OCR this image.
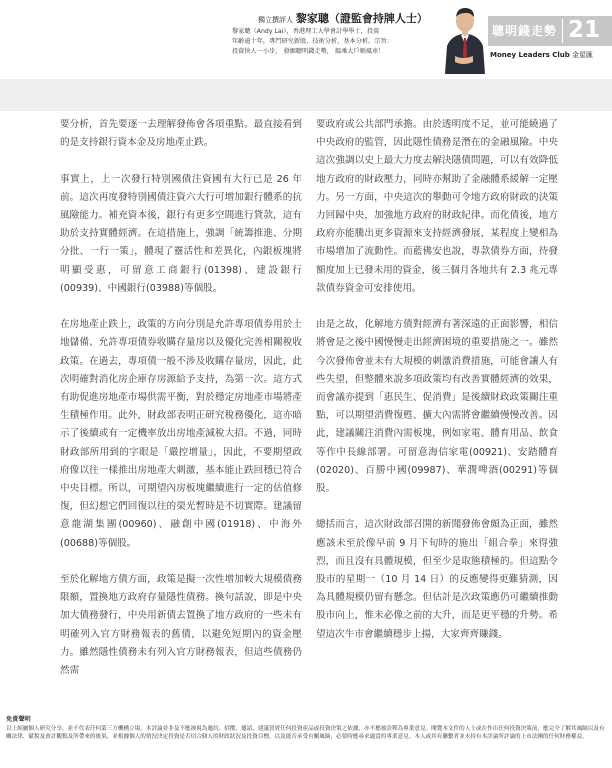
獨立撰評人 黎家聰（證監會持牌人士）
黎家聰（Andy Lai），香港理工大學會計學學士，投資
年齡逾十年，專門研究新股，技術分析，基本分析。宗旨：
投資快人一小步， 發掘聰明錢走勢， 搵乘大戶順風車！
聰明錢走勢 21
Money Leaders Club 金星匯

要分析，首先要逐一去理解發佈會各項重點。最直接看到的是支持銀行資本金及房地產止跌。

事實上，上一次發行特別國債注資國有大行已是 26 年前。這次再度發特別國債注資六大行可增加銀行體系的抗風險能力。補充資本後，銀行有更多空間進行貸款，這有助於支持實體經濟。在這措施上，強調「統籌推進、分期分批、一行一策」，體現了靈活性和差異化，內銀板塊將明顯受惠，可留意工商銀行(01398)、建設銀行(00939)、中國銀行(03988)等個股。

在房地產止跌上，政策的方向分別是允許專項債券用於土地儲備、允許專項債券收購存量房以及優化完善相關稅收政策。在過去，專項債一般不涉及收購存量房，因此，此次明確對消化房企庫存房源給予支持，為第一次。這方式有助促進房地產市場供需平衡，對於穩定房地產市場將產生積極作用。此外，財政部表明正研究稅務優化，這亦暗示了後續或有一定機率放出房地產減稅大招。不過，同時財政部所用到的字眼是「嚴控增量」，因此，不要期望政府像以往一樣推出房地產大刺激，基本能止跌回穩已符合中央目標。所以，可期望內房板塊繼續進行一定的估值修復，但幻想它們回復以往的榮光暫時是不切實際。建議留意龍湖集團(00960)、融創中國(01918)、中海外(00688)等個股。

至於化解地方債方面，政策是擬一次性增加較大規模債務限額，置換地方政府存量隱性債務。換句話說，即是中央加大債務發行，中央用新債去置換了地方政府的一些未有明確列入官方財務報表的舊債，以避免短期內的資金壓力。雖然隱性債務未有列入官方財務報表，但這些債務仍然需

要政府或公共部門承擔。由於透明度不足，並可能繞過了中央政府的監管，因此隱性債務是潛在的金融風險。中央這次強調以史上最大力度去解決隱債問題，可以有效降低地方政府的財政壓力，同時亦幫助了金融體系緩解一定壓力。另一方面，中央這次的舉動可令地方政府財政的決策力回歸中央，加強地方政府的財政紀律。而化債後，地方政府亦能騰出更多資源來支持經濟發展，某程度上變相為市場增加了流動性。而藍佛安也說，專款債券方面，待發額度加上已發未用的資金，後三個月各地共有 2.3 兆元專款債券資金可安排使用。

由是之故，化解地方債對經濟有著深遠的正面影響，相信將會是之後中國慢慢走出經濟困境的重要措施之一。雖然今次發佈會並未有大規模的刺激消費措施，可能會讓人有些失望，但整體來說多項政策均有改善實體經濟的效果，而會議亦提到「惠民生、促消費」是後續財政政策關注重點，可以期望消費復甦、擴大內需將會繼續慢慢改善。因此，建議關注消費內需板塊，例如家電、體育用品、飲食等作中長線部署。可留意海信家電(00921)、安踏體育(02020)、百勝中國(09987)、華潤啤酒(00291)等個股。

總括而言，這次財政部召開的新聞發佈會頗為正面，雖然應該未至於像早前 9 月下旬時的施出「組合拳」來得強烈，而且沒有具體規模，但至少是取態積極的。但這點令股市的星期一（10 月 14 日）的反應變得更難猜測，因為具體規模仍留有懸念。但估計是次政策應仍可繼續推動股市向上，惟未必像之前的大升，而是更平穩的升勢。希望這次牛市會繼續穩步上揚，大家齊齊賺錢。

免責聲明
以上純屬個人研究分享，並不代表任何第三方機構立場。本評論並非及不應被視為邀約、招攬、邀請、建議買賣任何投資產品或投資決策之依據，亦不應被詮釋為專業意見。閱覽本文件的人士或在作出任何投資決策前，應完全了解其風險以及有關法律、賦稅及會計觀點及所帶來的後果，並根據個人的情況決定投資是否切合個人的財政狀況及投資目標，以及能否承受有關風險，必要時應尋求適當的專業意見。本人或其有聯繫者並未持有本評論所評論的上市法團的任何財務權益。
